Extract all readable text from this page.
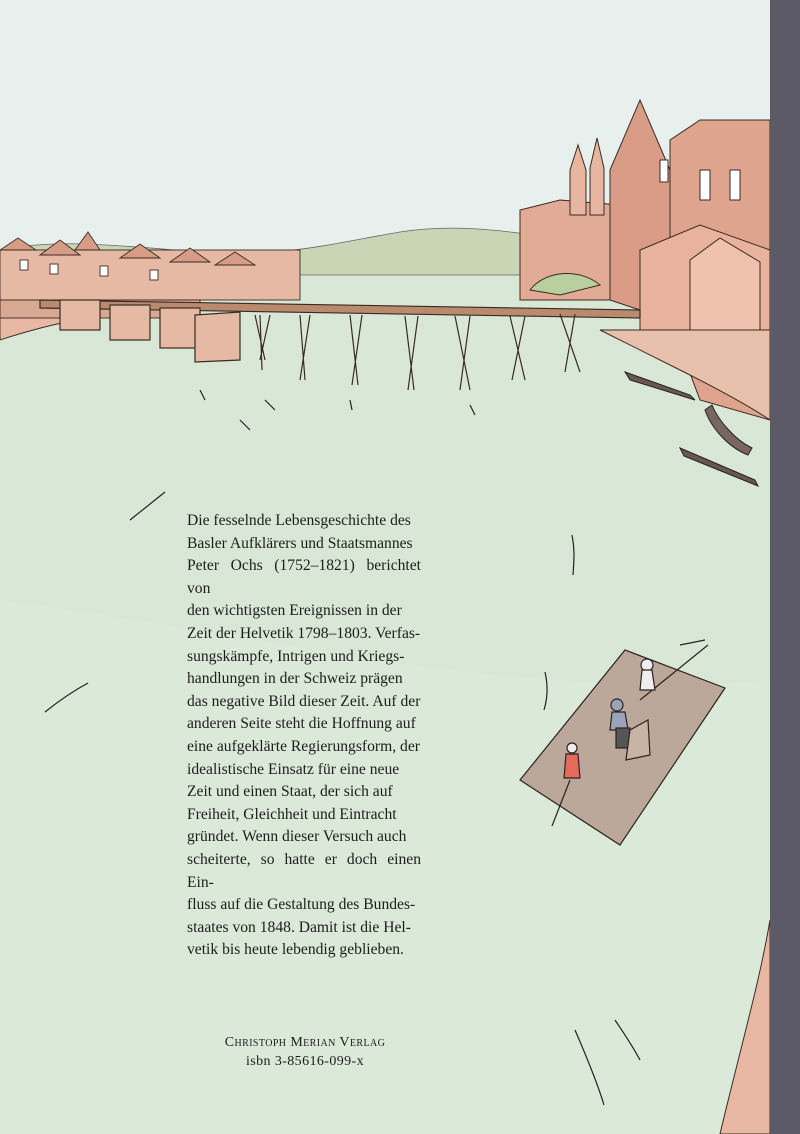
Die fesselnde Lebensgeschichte des
Basler Aufklärers und Staatsmannes
Peter Ochs (1752–1821) berichtet von
den wichtigsten Ereignissen in der
Zeit der Helvetik 1798–1803. Verfas-
sungskämpfe, Intrigen und Kriegs-
handlungen in der Schweiz prägen
das negative Bild dieser Zeit. Auf der
anderen Seite steht die Hoffnung auf
eine aufgeklärte Regierungsform, der
idealistische Einsatz für eine neue
Zeit und einen Staat, der sich auf
Freiheit, Gleichheit und Eintracht
gründet. Wenn dieser Versuch auch
scheiterte, so hatte er doch einen Ein-
fluss auf die Gestaltung des Bundes-
staates von 1848. Damit ist die Hel-
vetik bis heute lebendig geblieben.
Christoph Merian Verlag
isbn 3-85616-099-x
